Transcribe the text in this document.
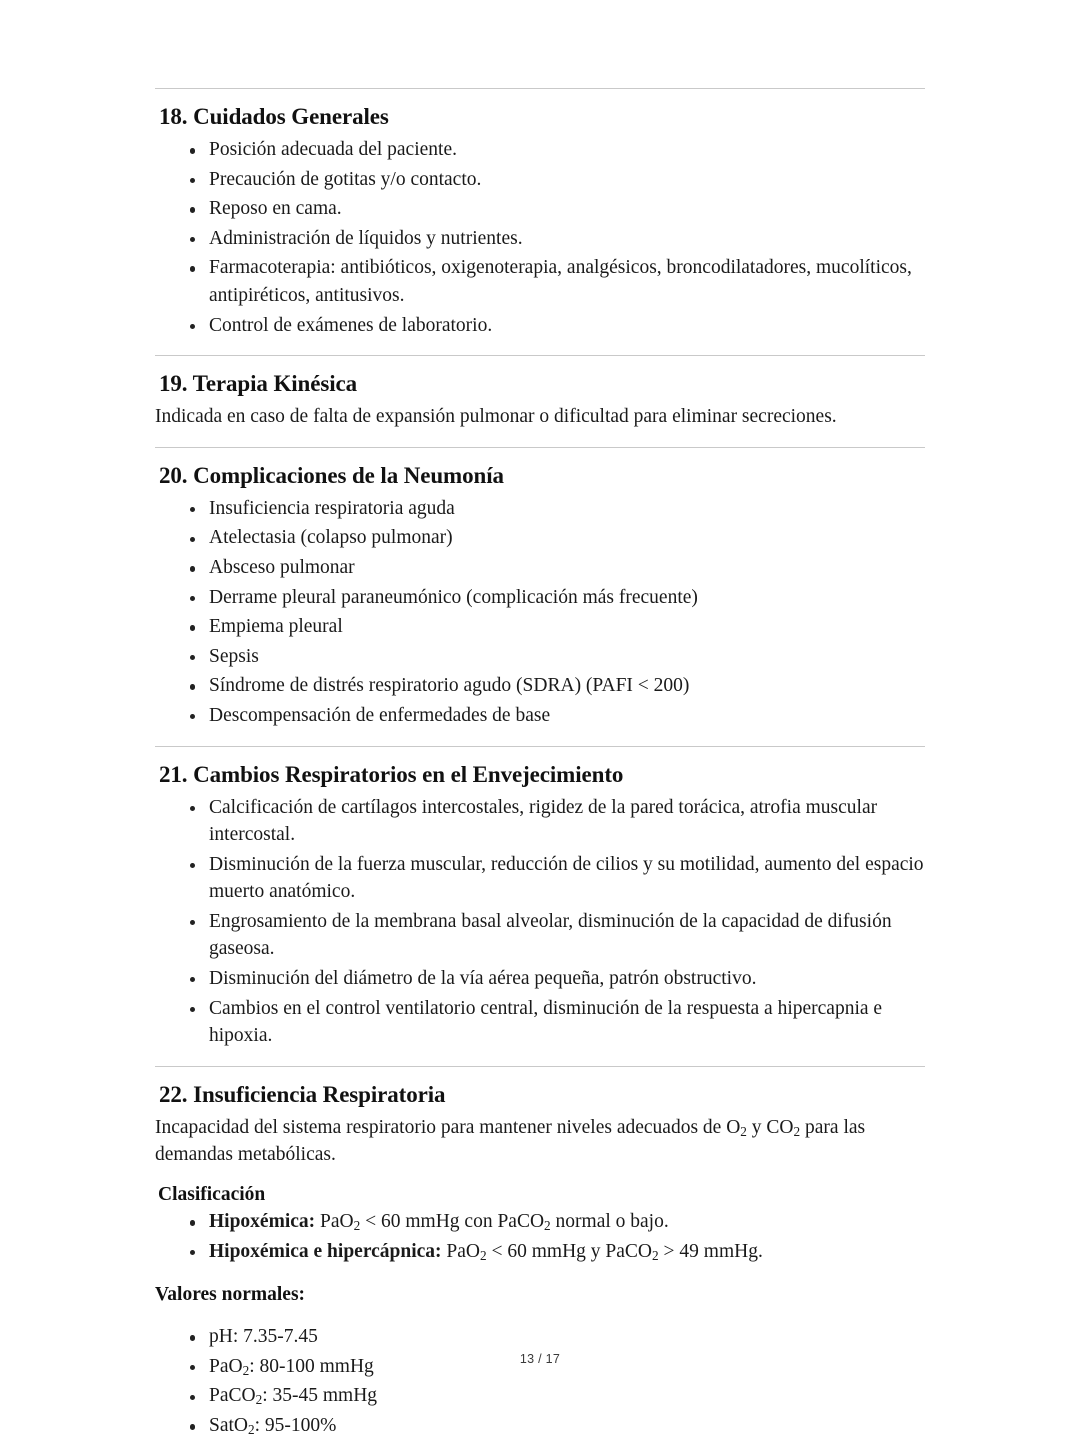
18. Cuidados Generales
Posición adecuada del paciente.
Precaución de gotitas y/o contacto.
Reposo en cama.
Administración de líquidos y nutrientes.
Farmacoterapia: antibióticos, oxigenoterapia, analgésicos, broncodilatadores, mucolíticos, antipiréticos, antitusivos.
Control de exámenes de laboratorio.
19. Terapia Kinésica

Indicada en caso de falta de expansión pulmonar o dificultad para eliminar secreciones.

20. Complicaciones de la Neumonía
Insuficiencia respiratoria aguda
Atelectasia (colapso pulmonar)
Absceso pulmonar
Derrame pleural paraneumónico (complicación más frecuente)
Empiema pleural
Sepsis
Síndrome de distrés respiratorio agudo (SDRA) (PAFI < 200)
Descompensación de enfermedades de base
21. Cambios Respiratorios en el Envejecimiento
Calcificación de cartílagos intercostales, rigidez de la pared torácica, atrofia muscular intercostal.
Disminución de la fuerza muscular, reducción de cilios y su motilidad, aumento del espacio muerto anatómico.
Engrosamiento de la membrana basal alveolar, disminución de la capacidad de difusión gaseosa.
Disminución del diámetro de la vía aérea pequeña, patrón obstructivo.
Cambios en el control ventilatorio central, disminución de la respuesta a hipercapnia e hipoxia.
22. Insuficiencia Respiratoria

Incapacidad del sistema respiratorio para mantener niveles adecuados de $O_2$ y $CO_2$ para las demandas metabólicas.

Clasificación
Hipoxémica: PaO$_2$ < 60 mmHg con PaCO$_2$ normal o bajo.
Hipoxémica e hipercápnica: PaO$_2$ < 60 mmHg y PaCO$_2$ > 49 mmHg.
Valores normales:
pH: 7.35-7.45
PaO$_2$: 80-100 mmHg
PaCO$_2$: 35-45 mmHg
SatO$_2$: 95-100%
13 / 17
